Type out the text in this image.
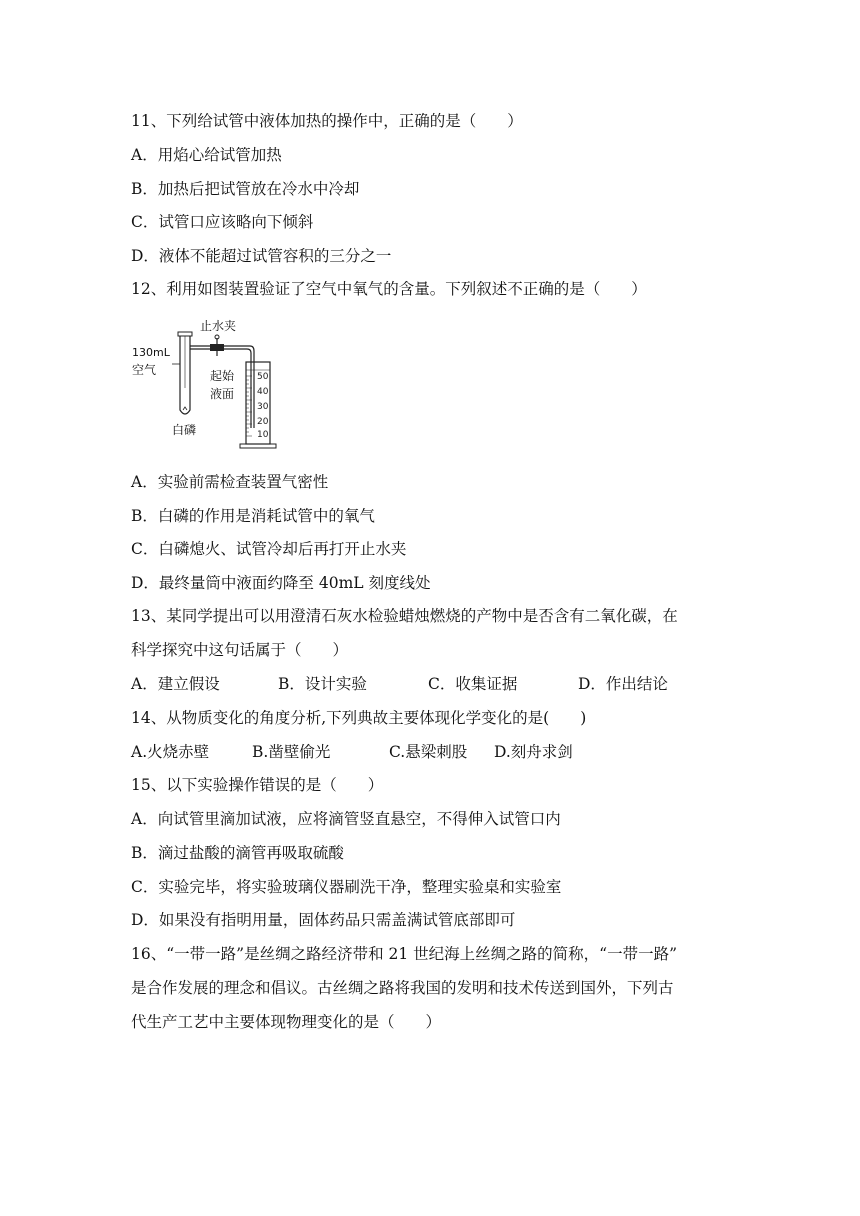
11、下列给试管中液体加热的操作中，正确的是（　　）
A．用焰心给试管加热
B．加热后把试管放在冷水中冷却
C．试管口应该略向下倾斜
D．液体不能超过试管容积的三分之一
12、利用如图装置验证了空气中氧气的含量。下列叙述不正确的是（　　）
50
40
30
20
10
止水夹
130mL
空气	起始
液面
白磷
A．实验前需检查装置气密性
B．白磷的作用是消耗试管中的氧气
C．白磷熄火、试管冷却后再打开止水夹
D．最终量筒中液面约降至 40mL 刻度线处
13、某同学提出可以用澄清石灰水检验蜡烛燃烧的产物中是否含有二氧化碳，在
科学探究中这句话属于（　　）
A．建立假设	B．设计实验	C．收集证据	D．作出结论
14、从物质变化的角度分析,下列典故主要体现化学变化的是(　　)
A.火烧赤壁	B.凿壁偷光	C.悬梁刺股 D.刻舟求剑
15、以下实验操作错误的是（　　）
A．向试管里滴加试液，应将滴管竖直悬空，不得伸入试管口内
B．滴过盐酸的滴管再吸取硫酸
C．实验完毕，将实验玻璃仪器刷洗干净，整理实验桌和实验室
D．如果没有指明用量，固体药品只需盖满试管底部即可
16、“一带一路”是丝绸之路经济带和 21 世纪海上丝绸之路的简称，“一带一路”
是合作发展的理念和倡议。古丝绸之路将我国的发明和技术传送到国外，下列古
代生产工艺中主要体现物理变化的是（　　）
